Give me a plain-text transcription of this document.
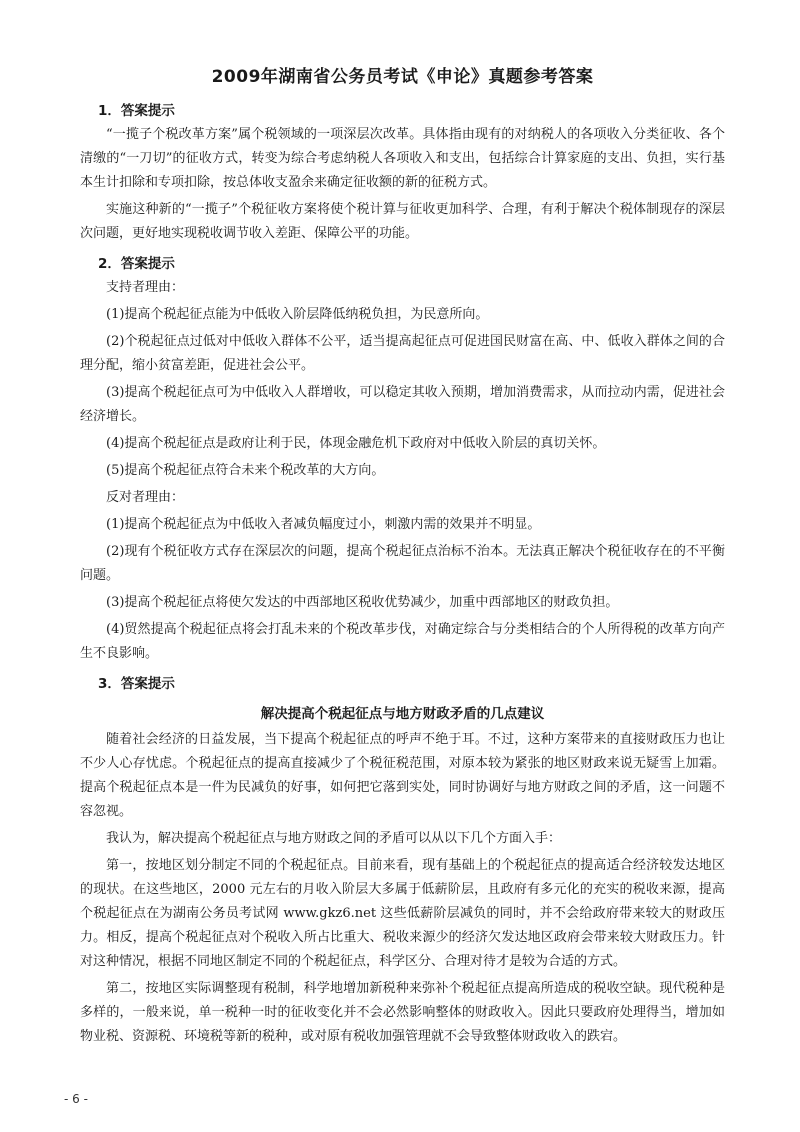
2009年湖南省公务员考试《申论》真题参考答案
1．答案提示

“一揽子个税改革方案”属个税领域的一项深层次改革。具体指由现有的对纳税人的各项收入分类征收、各个清缴的“一刀切”的征收方式，转变为综合考虑纳税人各项收入和支出，包括综合计算家庭的支出、负担，实行基本生计扣除和专项扣除，按总体收支盈余来确定征收额的新的征税方式。

实施这种新的“一揽子”个税征收方案将使个税计算与征收更加科学、合理，有利于解决个税体制现存的深层次问题，更好地实现税收调节收入差距、保障公平的功能。

2．答案提示

支持者理由：

(1)提高个税起征点能为中低收入阶层降低纳税负担，为民意所向。

(2)个税起征点过低对中低收入群体不公平，适当提高起征点可促进国民财富在高、中、低收入群体之间的合理分配，缩小贫富差距，促进社会公平。

(3)提高个税起征点可为中低收入人群增收，可以稳定其收入预期，增加消费需求，从而拉动内需，促进社会经济增长。

(4)提高个税起征点是政府让利于民，体现金融危机下政府对中低收入阶层的真切关怀。

(5)提高个税起征点符合未来个税改革的大方向。

反对者理由：

(1)提高个税起征点为中低收入者减负幅度过小，刺激内需的效果并不明显。

(2)现有个税征收方式存在深层次的问题，提高个税起征点治标不治本。无法真正解决个税征收存在的不平衡问题。

(3)提高个税起征点将使欠发达的中西部地区税收优势减少，加重中西部地区的财政负担。

(4)贸然提高个税起征点将会打乱未来的个税改革步伐，对确定综合与分类相结合的个人所得税的改革方向产生不良影响。

3．答案提示
解决提高个税起征点与地方财政矛盾的几点建议

随着社会经济的日益发展，当下提高个税起征点的呼声不绝于耳。不过，这种方案带来的直接财政压力也让不少人心存忧虑。个税起征点的提高直接减少了个税征税范围，对原本较为紧张的地区财政来说无疑雪上加霜。提高个税起征点本是一件为民减负的好事，如何把它落到实处，同时协调好与地方财政之间的矛盾，这一问题不容忽视。

我认为，解决提高个税起征点与地方财政之间的矛盾可以从以下几个方面入手：

第一，按地区划分制定不同的个税起征点。目前来看，现有基础上的个税起征点的提高适合经济较发达地区的现状。在这些地区，2000 元左右的月收入阶层大多属于低薪阶层，且政府有多元化的充实的税收来源，提高个税起征点在为湖南公务员考试网 www.gkz6.net 这些低薪阶层减负的同时，并不会给政府带来较大的财政压力。相反，提高个税起征点对个税收入所占比重大、税收来源少的经济欠发达地区政府会带来较大财政压力。针对这种情况，根据不同地区制定不同的个税起征点，科学区分、合理对待才是较为合适的方式。

第二，按地区实际调整现有税制，科学地增加新税种来弥补个税起征点提高所造成的税收空缺。现代税种是多样的，一般来说，单一税种一时的征收变化并不会必然影响整体的财政收入。因此只要政府处理得当，增加如物业税、资源税、环境税等新的税种，或对原有税收加强管理就不会导致整体财政收入的跌宕。

- 6 -
